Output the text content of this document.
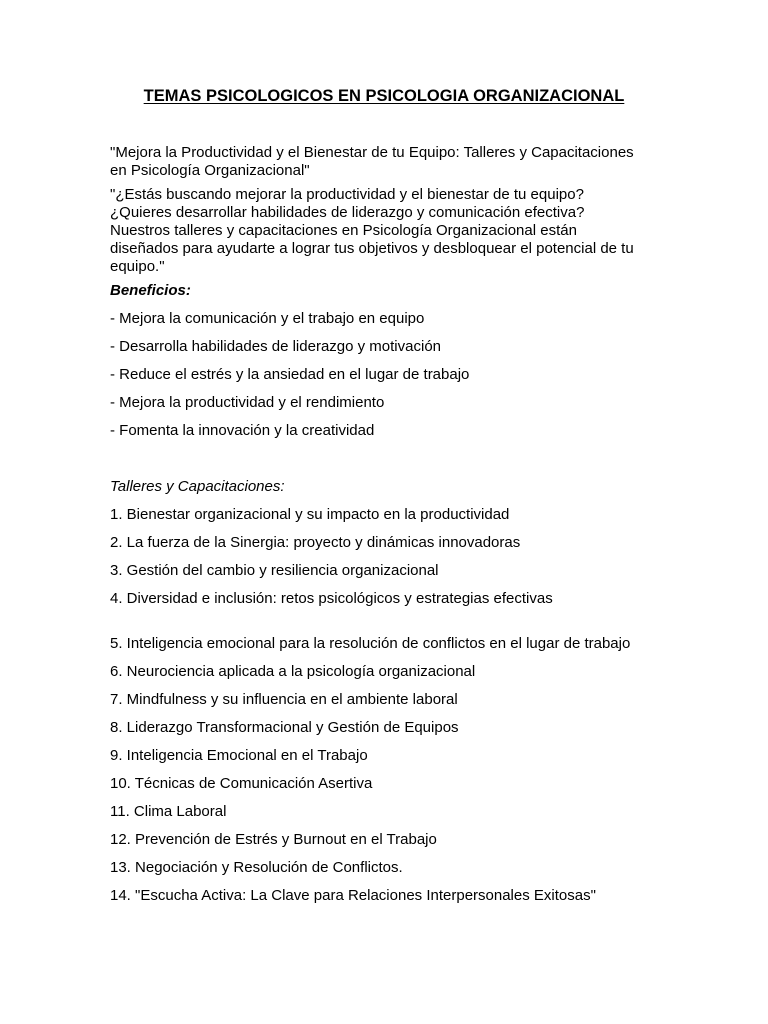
TEMAS PSICOLOGICOS EN PSICOLOGIA ORGANIZACIONAL
"Mejora la Productividad y el Bienestar de tu Equipo: Talleres y Capacitaciones
en Psicología Organizacional"
"¿Estás buscando mejorar la productividad y el bienestar de tu equipo?
¿Quieres desarrollar habilidades de liderazgo y comunicación efectiva?
Nuestros talleres y capacitaciones en Psicología Organizacional están
diseñados para ayudarte a lograr tus objetivos y desbloquear el potencial de tu
equipo."
Beneficios:
- Mejora la comunicación y el trabajo en equipo
- Desarrolla habilidades de liderazgo y motivación
- Reduce el estrés y la ansiedad en el lugar de trabajo
- Mejora la productividad y el rendimiento
- Fomenta la innovación y la creatividad
Talleres y Capacitaciones:
1. Bienestar organizacional y su impacto en la productividad
2. La fuerza de la Sinergia: proyecto y dinámicas innovadoras
3. Gestión del cambio y resiliencia organizacional
4. Diversidad e inclusión: retos psicológicos y estrategias efectivas
5. Inteligencia emocional para la resolución de conflictos en el lugar de trabajo
6. Neurociencia aplicada a la psicología organizacional
7. Mindfulness y su influencia en el ambiente laboral
8. Liderazgo Transformacional y Gestión de Equipos
9. Inteligencia Emocional en el Trabajo
10. Técnicas de Comunicación Asertiva
11. Clima Laboral
12. Prevención de Estrés y Burnout en el Trabajo
13. Negociación y Resolución de Conflictos.
14. "Escucha Activa: La Clave para Relaciones Interpersonales Exitosas"
